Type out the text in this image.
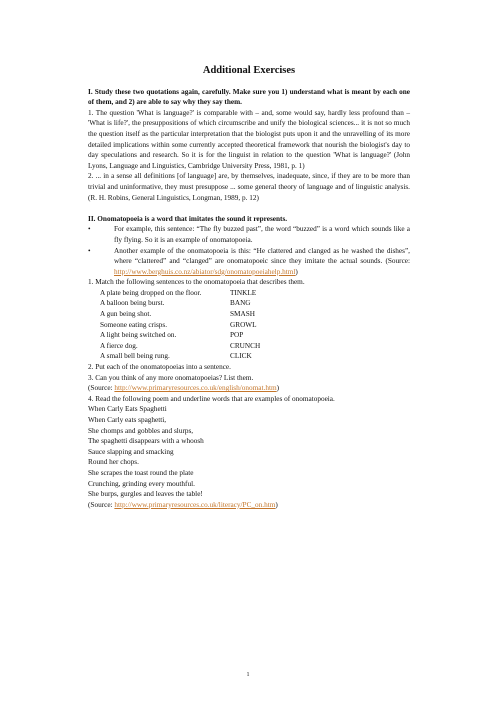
Additional Exercises

I. Study these two quotations again, carefully. Make sure you 1) understand what is meant by each one of them, and 2) are able to say why they say them.

1. The question 'What is language?' is comparable with – and, some would say, hardly less profound than – 'What is life?', the presuppositions of which circumscribe and unify the biological sciences... it is not so much the question itself as the particular interpretation that the biologist puts upon it and the unravelling of its more detailed implications within some currently accepted theoretical framework that nourish the biologist's day to day speculations and research. So it is for the linguist in relation to the question 'What is language?' (John Lyons, Language and Linguistics, Cambridge University Press, 1981, p. 1)

2. ... in a sense all definitions [of language] are, by themselves, inadequate, since, if they are to be more than trivial and uninformative, they must presuppose ... some general theory of language and of linguistic analysis. (R. H. Robins, General Linguistics, Longman, 1989, p. 12)

II. Onomatopoeia is a word that imitates the sound it represents.

•	For example, this sentence: “The fly buzzed past”, the word “buzzed” is a word which sounds like a fly flying. So it is an example of onomatopoeia.
•	Another example of the onomatopoeia is this: “He clattered and clanged as he washed the dishes”, where “clattered” and “clanged” are onomatopoeic since they imitate the actual sounds. (Source: http://www.berghuis.co.nz/abiator/sdg/onomatopoeiahelp.html)

1. Match the following sentences to the onomatopoeia that describes them.

A plate being dropped on the floor.	TINKLE
A balloon being burst.	BANG
A gun being shot.	SMASH
Someone eating crisps.	GROWL
A light being switched on.	POP
A fierce dog.	CRUNCH
A small bell being rung.	CLICK

2. Put each of the onomatopoeias into a sentence.

3. Can you think of any more onomatopoeias? List them.

(Source: http://www.primaryresources.co.uk/english/onomat.htm)

4. Read the following poem and underline words that are examples of onomatopoeia.

When Carly Eats Spaghetti
When Carly eats spaghetti,
She chomps and gobbles and slurps,
The spaghetti disappears with a whoosh
Sauce slapping and smacking
Round her chops.
She scrapes the toast round the plate
Crunching, grinding every mouthful.
She burps, gurgles and leaves the table!

(Source: http://www.primaryresources.co.uk/literacy/PC_on.htm)

1
